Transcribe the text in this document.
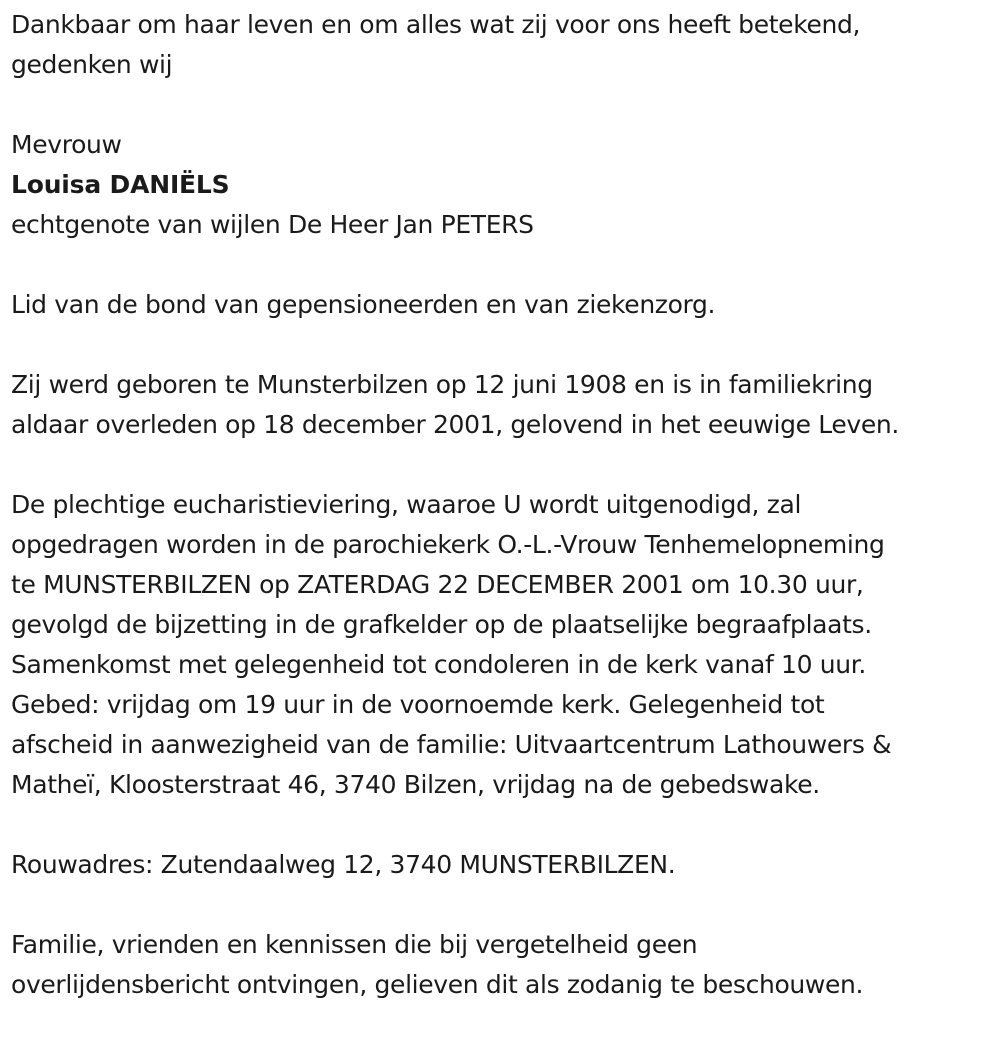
Dankbaar om haar leven en om alles wat zij voor ons heeft betekend,
gedenken wij
Mevrouw
Louisa DANIËLS
echtgenote van wijlen De Heer Jan PETERS
Lid van de bond van gepensioneerden en van ziekenzorg.
Zij werd geboren te Munsterbilzen op 12 juni 1908 en is in familiekring
aldaar overleden op 18 december 2001, gelovend in het eeuwige Leven.
De plechtige eucharistieviering, waaroe U wordt uitgenodigd, zal
opgedragen worden in de parochiekerk O.-L.-Vrouw Tenhemelopneming
te MUNSTERBILZEN op ZATERDAG 22 DECEMBER 2001 om 10.30 uur,
gevolgd de bijzetting in de grafkelder op de plaatselijke begraafplaats.
Samenkomst met gelegenheid tot condoleren in de kerk vanaf 10 uur.
Gebed: vrijdag om 19 uur in de voornoemde kerk. Gelegenheid tot
afscheid in aanwezigheid van de familie: Uitvaartcentrum Lathouwers &
Matheï, Kloosterstraat 46, 3740 Bilzen, vrijdag na de gebedswake.
Rouwadres: Zutendaalweg 12, 3740 MUNSTERBILZEN.
Familie, vrienden en kennissen die bij vergetelheid geen
overlijdensbericht ontvingen, gelieven dit als zodanig te beschouwen.
